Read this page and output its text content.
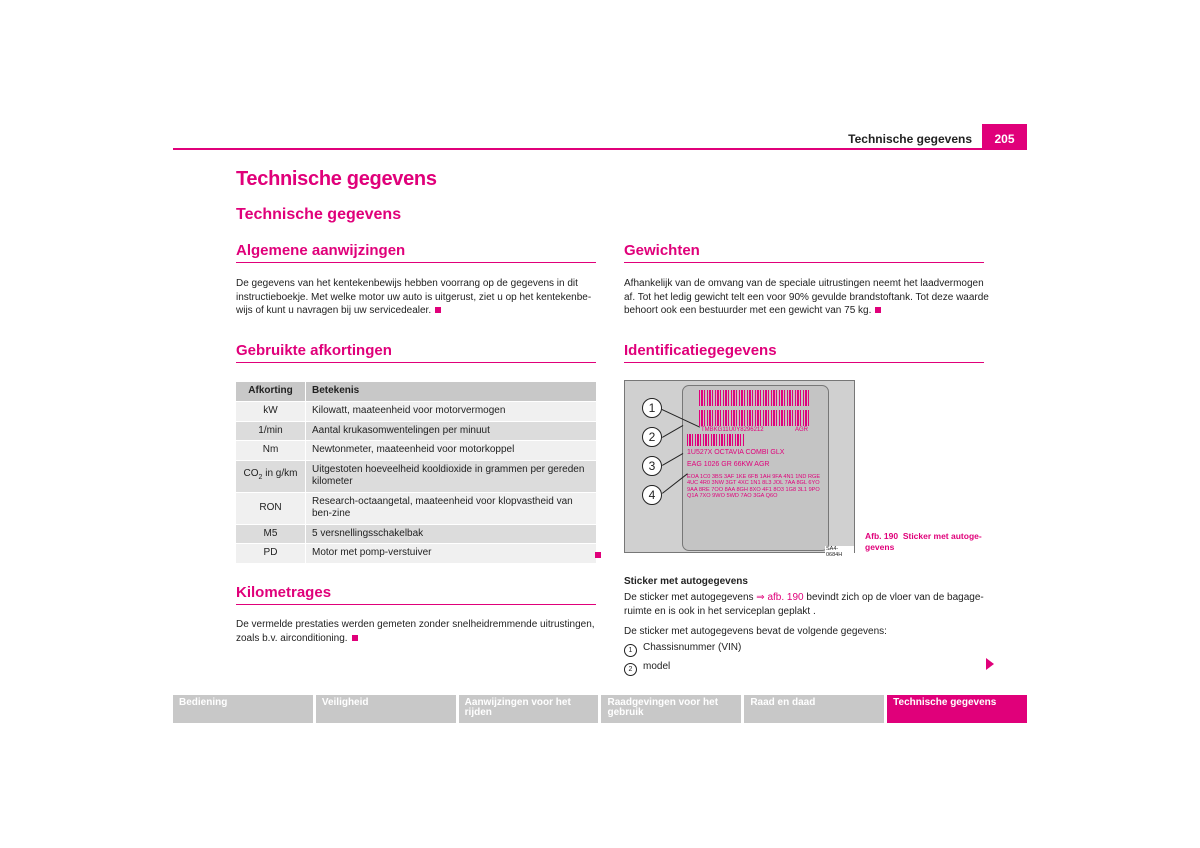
Technische gegevens	205
Technische gegevens
Technische gegevens
Algemene aanwijzingen
De gegevens van het kentekenbewijs hebben voorrang op de gegevens in dit
instructieboekje. Met welke motor uw auto is uitgerust, ziet u op het kentekenbe-
wijs of kunt u navragen bij uw servicedealer.
Gebruikte afkortingen
Afkorting	Betekenis
kW	Kilowatt, maateenheid voor motorvermogen
1/min	Aantal krukasomwentelingen per minuut
Nm	Newtonmeter, maateenheid voor motorkoppel
$CO_2$ in g/km	Uitgestoten hoeveelheid kooldioxide in grammen per gereden kilometer
RON	Research-octaangetal, maateenheid voor klopvastheid van ben-zine
M5	5 versnellingsschakelbak
PD	Motor met pomp-verstuiver
Kilometrages
De vermelde prestaties werden gemeten zonder snelheidremmende uitrustingen,
zoals b.v. airconditioning.
Gewichten
Afhankelijk van de omvang van de speciale uitrustingen neemt het laadvermogen
af. Tot het ledig gewicht telt een voor 90% gevulde brandstoftank. Tot deze waarde
behoort ook een bestuurder met een gewicht van 75 kg.
Identificatiegegevens
TMBKG11U0Y8296212	AGR
1U527X OCTAVIA COMBI GLX
EAG 1026 GR 66KW AGR
EOA 1C0 3BS 3AF 1KE 6FB 1AH 9FA 4N1 1ND RGE 4UC 4R0 3NW 3GT 4XC 1N1 8L3 JOL 7AA 8GL 6YO 9AA 8RE 7OO 8AA 8GH 8XO 4F1 8O3 1G8 3L1 9PO Q1A 7XO 9WO 5WD 7AO 3GA Q6O
1
2
3
4
SA4-0684H
Afb. 190 Sticker met autoge-gevens
Sticker met autogegevens
De sticker met autogegevens ⇒ afb. 190 bevindt zich op de vloer van de bagage-
ruimte en is ook in het serviceplan geplakt .
De sticker met autogegevens bevat de volgende gegevens:
1 Chassisnummer (VIN)
2 model
Bediening	Veiligheid	Aanwijzingen voor het rijden
Raadgevingen voor het gebruik
Raad en daad	Technische gegevens
